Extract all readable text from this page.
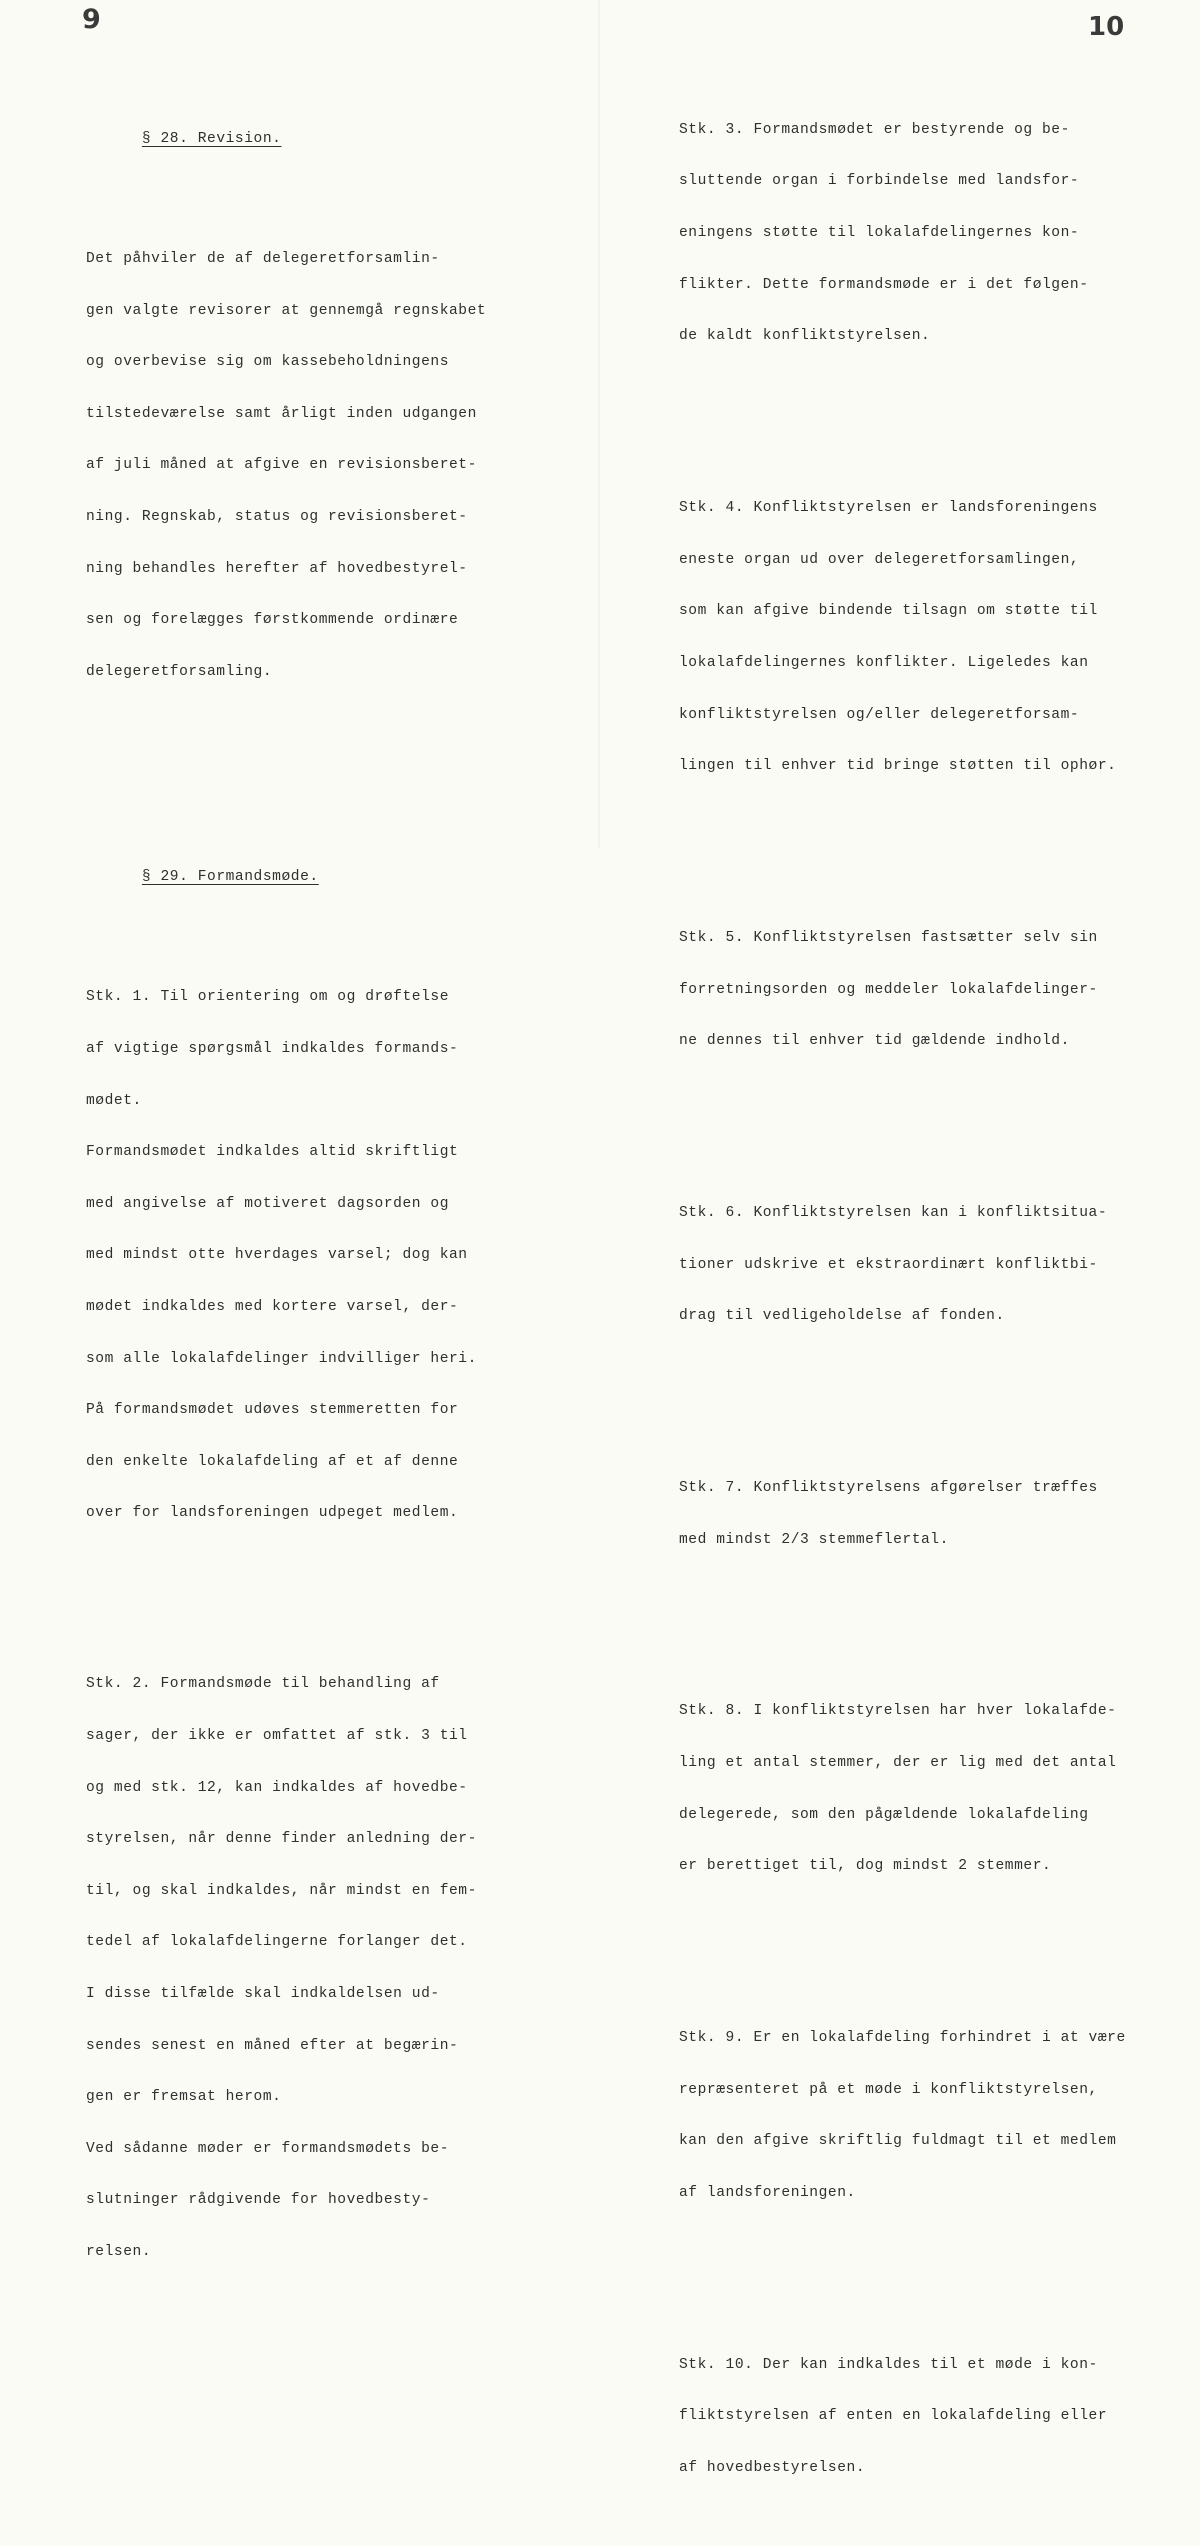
9	10

§ 28. Revision.

Det påhviler de af delegeretforsamlin-

gen valgte revisorer at gennemgå regnskabet

og overbevise sig om kassebeholdningens

tilstedeværelse samt årligt inden udgangen

af juli måned at afgive en revisionsberet-

ning. Regnskab, status og revisionsberet-

ning behandles herefter af hovedbestyrel-

sen og forelægges førstkommende ordinære

delegeretforsamling.

§ 29. Formandsmøde.

Stk. 1. Til orientering om og drøftelse

af vigtige spørgsmål indkaldes formands-

mødet.

Formandsmødet indkaldes altid skriftligt

med angivelse af motiveret dagsorden og

med mindst otte hverdages varsel; dog kan

mødet indkaldes med kortere varsel, der-

som alle lokalafdelinger indvilliger heri.

På formandsmødet udøves stemmeretten for

den enkelte lokalafdeling af et af denne

over for landsforeningen udpeget medlem.

Stk. 2. Formandsmøde til behandling af

sager, der ikke er omfattet af stk. 3 til

og med stk. 12, kan indkaldes af hovedbe-

styrelsen, når denne finder anledning der-

til, og skal indkaldes, når mindst en fem-

tedel af lokalafdelingerne forlanger det.

I disse tilfælde skal indkaldelsen ud-

sendes senest en måned efter at begærin-

gen er fremsat herom.

Ved sådanne møder er formandsmødets be-

slutninger rådgivende for hovedbesty-

relsen.

Stk. 3. Formandsmødet er bestyrende og be-

sluttende organ i forbindelse med landsfor-

eningens støtte til lokalafdelingernes kon-

flikter. Dette formandsmøde er i det følgen-

de kaldt konfliktstyrelsen.

Stk. 4. Konfliktstyrelsen er landsforeningens

eneste organ ud over delegeretforsamlingen,

som kan afgive bindende tilsagn om støtte til

lokalafdelingernes konflikter. Ligeledes kan

konfliktstyrelsen og/eller delegeretforsam-

lingen til enhver tid bringe støtten til ophør.

Stk. 5. Konfliktstyrelsen fastsætter selv sin

forretningsorden og meddeler lokalafdelinger-

ne dennes til enhver tid gældende indhold.

Stk. 6. Konfliktstyrelsen kan i konfliktsitua-

tioner udskrive et ekstraordinært konfliktbi-

drag til vedligeholdelse af fonden.

Stk. 7. Konfliktstyrelsens afgørelser træffes

med mindst 2/3 stemmeflertal.

Stk. 8. I konfliktstyrelsen har hver lokalafde-

ling et antal stemmer, der er lig med det antal

delegerede, som den pågældende lokalafdeling

er berettiget til, dog mindst 2 stemmer.

Stk. 9. Er en lokalafdeling forhindret i at være

repræsenteret på et møde i konfliktstyrelsen,

kan den afgive skriftlig fuldmagt til et medlem

af landsforeningen.

Stk. 10. Der kan indkaldes til et møde i kon-

fliktstyrelsen af enten en lokalafdeling eller

af hovedbestyrelsen.
